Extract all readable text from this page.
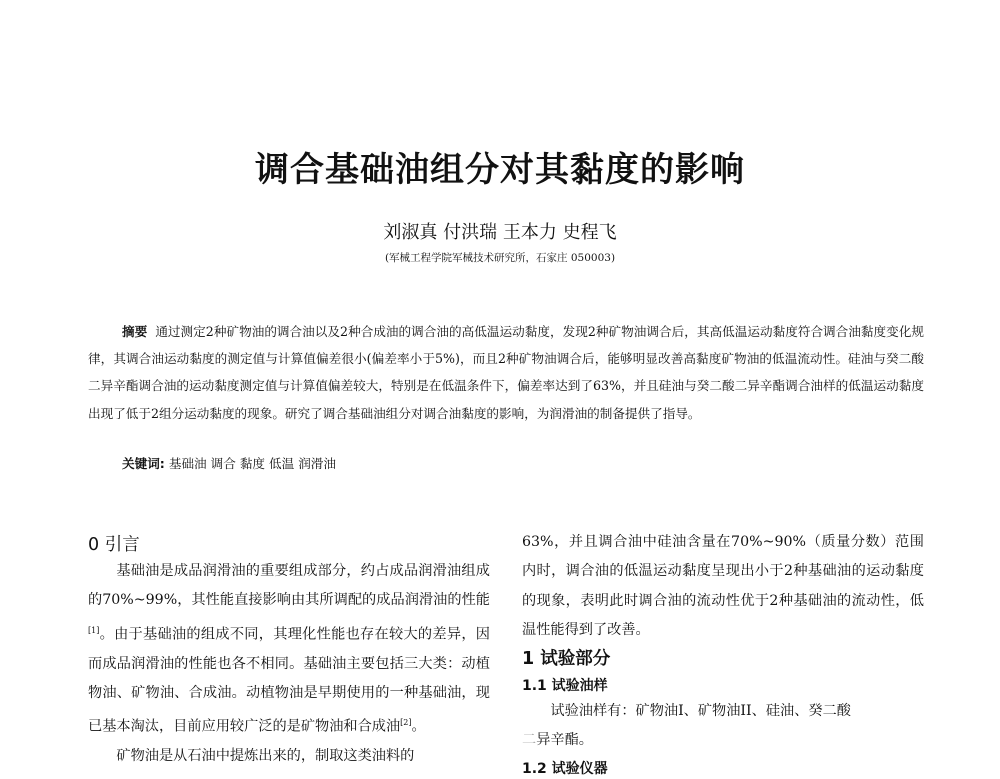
调合基础油组分对其黏度的影响
刘淑真 付洪瑞 王本力 史程飞
(军械工程学院军械技术研究所，石家庄 050003)
摘要 通过测定2种矿物油的调合油以及2种合成油的调合油的高低温运动黏度，发现2种矿物油调合后，其高低温运动黏度符合调合油黏度变化规律，其调合油运动黏度的测定值与计算值偏差很小(偏差率小于5%)，而且2种矿物油调合后，能够明显改善高黏度矿物油的低温流动性。硅油与癸二酸二异辛酯调合油的运动黏度测定值与计算值偏差较大，特别是在低温条件下，偏差率达到了63%，并且硅油与癸二酸二异辛酯调合油样的低温运动黏度出现了低于2组分运动黏度的现象。研究了调合基础油组分对调合油黏度的影响，为润滑油的制备提供了指导。
关键词: 基础油 调合 黏度 低温 润滑油
0 引言
基础油是成品润滑油的重要组成部分，约占成品润滑油组成的70%~99%，其性能直接影响由其所调配的成品润滑油的性能[1]。由于基础油的组成不同，其理化性能也存在较大的差异，因而成品润滑油的性能也各不相同。基础油主要包括三大类：动植物油、矿物油、合成油。动植物油是早期使用的一种基础油，现已基本淘汰，目前应用较广泛的是矿物油和合成油[2]。
矿物油是从石油中提炼出来的，制取这类油料的
63%，并且调合油中硅油含量在70%~90%（质量分数）范围内时，调合油的低温运动黏度呈现出小于2种基础油的运动黏度的现象，表明此时调合油的流动性优于2种基础油的流动性，低温性能得到了改善。
1 试验部分
1.1 试验油样
试验油样有：矿物油I、矿物油II、硅油、癸二酸
二异辛酯。
1.2 试验仪器
